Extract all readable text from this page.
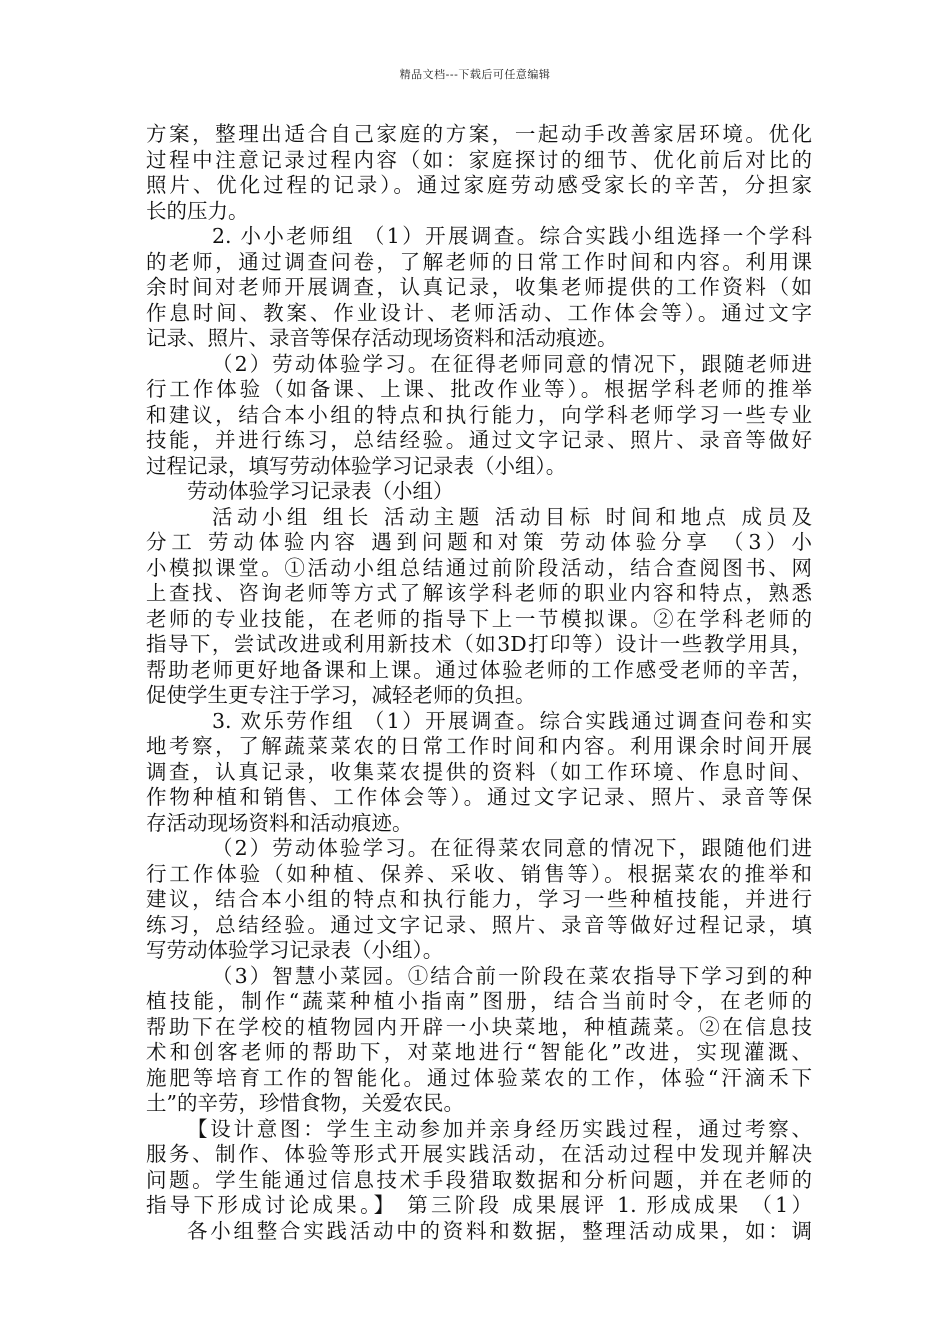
精品文档---下载后可任意编辑
方案，整理出适合自己家庭的方案，一起动手改善家居环境。优化
过程中注意记录过程内容（如：家庭探讨的细节、优化前后对比的
照片、优化过程的记录）。通过家庭劳动感受家长的辛苦，分担家
长的压力。
2. 小小老师组 （1）开展调查。综合实践小组选择一个学科
的老师，通过调查问卷，了解老师的日常工作时间和内容。利用课
余时间对老师开展调查，认真记录，收集老师提供的工作资料（如
作息时间、教案、作业设计、老师活动、工作体会等）。通过文字
记录、照片、录音等保存活动现场资料和活动痕迹。
（2）劳动体验学习。在征得老师同意的情况下，跟随老师进
行工作体验（如备课、上课、批改作业等）。根据学科老师的推举
和建议，结合本小组的特点和执行能力，向学科老师学习一些专业
技能，并进行练习，总结经验。通过文字记录、照片、录音等做好
过程记录，填写劳动体验学习记录表（小组）。
劳动体验学习记录表（小组）
活动小组 组长 活动主题 活动目标 时间和地点 成员及
分工 劳动体验内容 遇到问题和对策 劳动体验分享 （3）小
小模拟课堂。①活动小组总结通过前阶段活动，结合查阅图书、网
上查找、咨询老师等方式了解该学科老师的职业内容和特点，熟悉
老师的专业技能，在老师的指导下上一节模拟课。②在学科老师的
指导下，尝试改进或利用新技术（如3D打印等）设计一些教学用具，
帮助老师更好地备课和上课。通过体验老师的工作感受老师的辛苦，
促使学生更专注于学习，减轻老师的负担。
3. 欢乐劳作组 （1）开展调查。综合实践通过调查问卷和实
地考察，了解蔬菜菜农的日常工作时间和内容。利用课余时间开展
调查，认真记录，收集菜农提供的资料（如工作环境、作息时间、
作物种植和销售、工作体会等）。通过文字记录、照片、录音等保
存活动现场资料和活动痕迹。
（2）劳动体验学习。在征得菜农同意的情况下，跟随他们进
行工作体验（如种植、保养、采收、销售等）。根据菜农的推举和
建议，结合本小组的特点和执行能力，学习一些种植技能，并进行
练习，总结经验。通过文字记录、照片、录音等做好过程记录，填
写劳动体验学习记录表（小组）。
（3）智慧小菜园。①结合前一阶段在菜农指导下学习到的种
植技能，制作“蔬菜种植小指南”图册，结合当前时令，在老师的
帮助下在学校的植物园内开辟一小块菜地，种植蔬菜。②在信息技
术和创客老师的帮助下，对菜地进行“智能化”改进，实现灌溉、
施肥等培育工作的智能化。通过体验菜农的工作，体验“汗滴禾下
土”的辛劳，珍惜食物，关爱农民。
【设计意图：学生主动参加并亲身经历实践过程，通过考察、
服务、制作、体验等形式开展实践活动，在活动过程中发现并解决
问题。学生能通过信息技术手段猎取数据和分析问题，并在老师的
指导下形成讨论成果。】 第三阶段 成果展评 1. 形成成果 （1）
各小组整合实践活动中的资料和数据，整理活动成果，如：调
